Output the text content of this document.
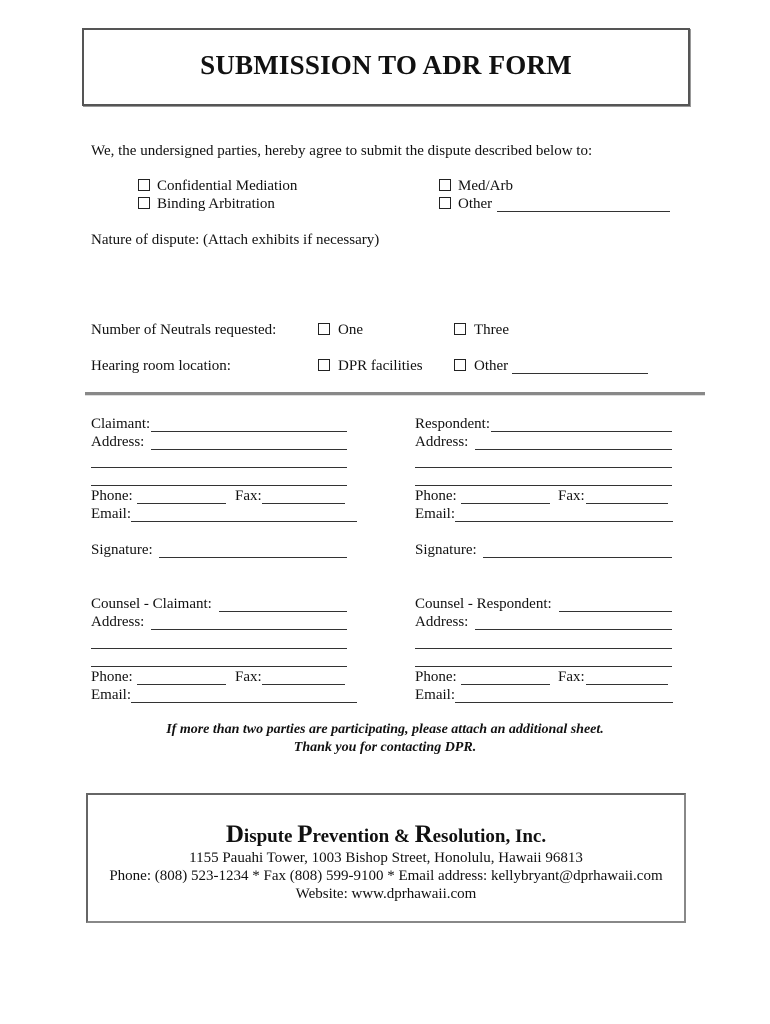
SUBMISSION TO ADR FORM
We, the undersigned parties, hereby agree to submit the dispute described below to:
Confidential Mediation
Binding Arbitration
Med/Arb
Other
Nature of dispute: (Attach exhibits if necessary)
Number of Neutrals requested:	One	Three
Hearing room location:	DPR facilities	Other
Claimant:
Address:
Phone:	Fax:
Email:
Signature:
Respondent:
Address:
Phone:	Fax:
Email:
Signature:
Counsel - Claimant:
Address:
Phone:	Fax:
Email:
Counsel - Respondent:
Address:
Phone:	Fax:
Email:
If more than two parties are participating, please attach an additional sheet.
Thank you for contacting DPR.
Dispute Prevention & Resolution, Inc.
1155 Pauahi Tower, 1003 Bishop Street, Honolulu, Hawaii 96813
Phone: (808) 523-1234 * Fax (808) 599-9100 * Email address: kellybryant@dprhawaii.com
Website: www.dprhawaii.com
